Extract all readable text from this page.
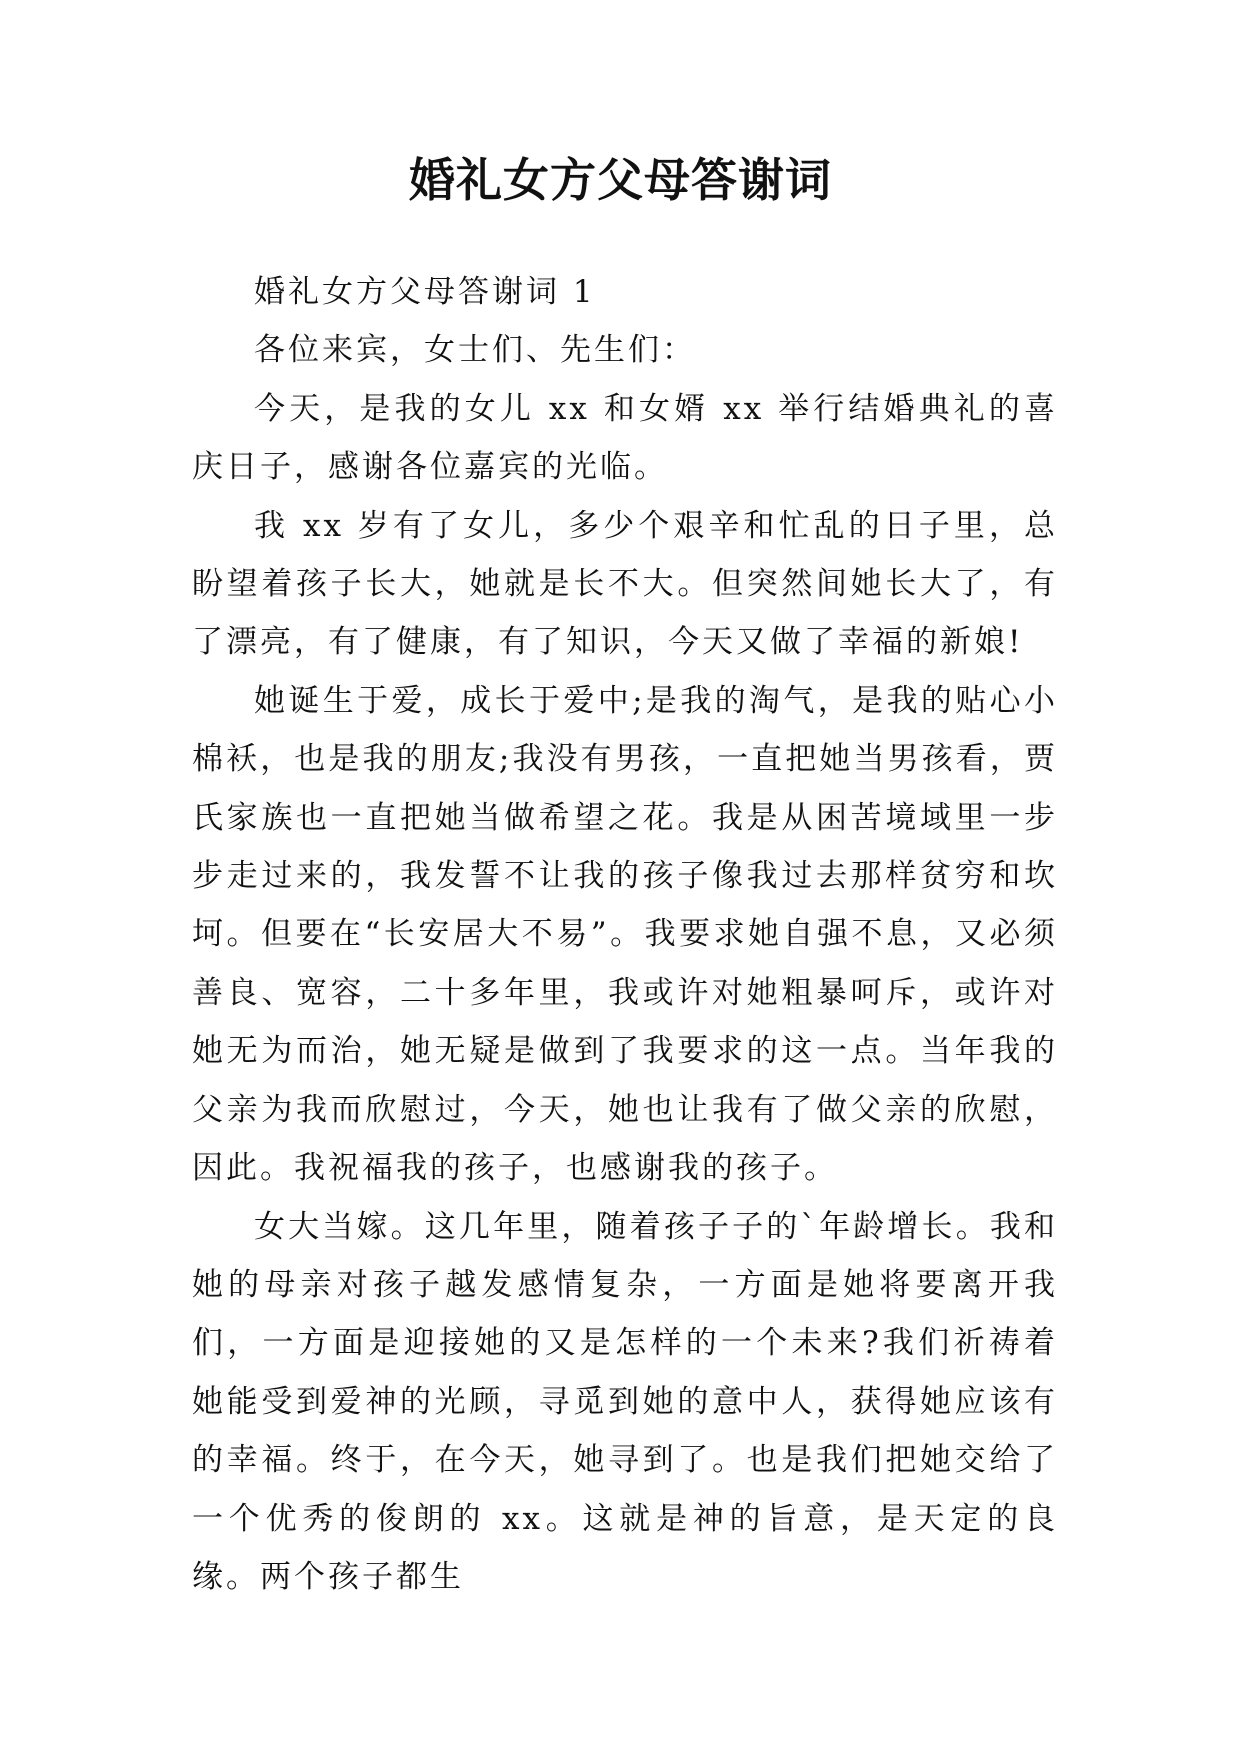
婚礼女方父母答谢词

婚礼女方父母答谢词 1

各位来宾，女士们、先生们：

今天，是我的女儿 xx 和女婿 xx 举行结婚典礼的喜庆日子，感谢各位嘉宾的光临。

我 xx 岁有了女儿，多少个艰辛和忙乱的日子里，总盼望着孩子长大，她就是长不大。但突然间她长大了，有了漂亮，有了健康，有了知识，今天又做了幸福的新娘!

她诞生于爱，成长于爱中;是我的淘气，是我的贴心小棉袄，也是我的朋友;我没有男孩，一直把她当男孩看，贾氏家族也一直把她当做希望之花。我是从困苦境域里一步步走过来的，我发誓不让我的孩子像我过去那样贫穷和坎坷。但要在“长安居大不易”。我要求她自强不息，又必须善良、宽容，二十多年里，我或许对她粗暴呵斥，或许对她无为而治，她无疑是做到了我要求的这一点。当年我的父亲为我而欣慰过，今天，她也让我有了做父亲的欣慰，因此。我祝福我的孩子，也感谢我的孩子。

女大当嫁。这几年里，随着孩子子的`年龄增长。我和她的母亲对孩子越发感情复杂，一方面是她将要离开我们，一方面是迎接她的又是怎样的一个未来?我们祈祷着她能受到爱神的光顾，寻觅到她的意中人，获得她应该有的幸福。终于，在今天，她寻到了。也是我们把她交给了一个优秀的俊朗的 xx。这就是神的旨意，是天定的良缘。两个孩子都生
